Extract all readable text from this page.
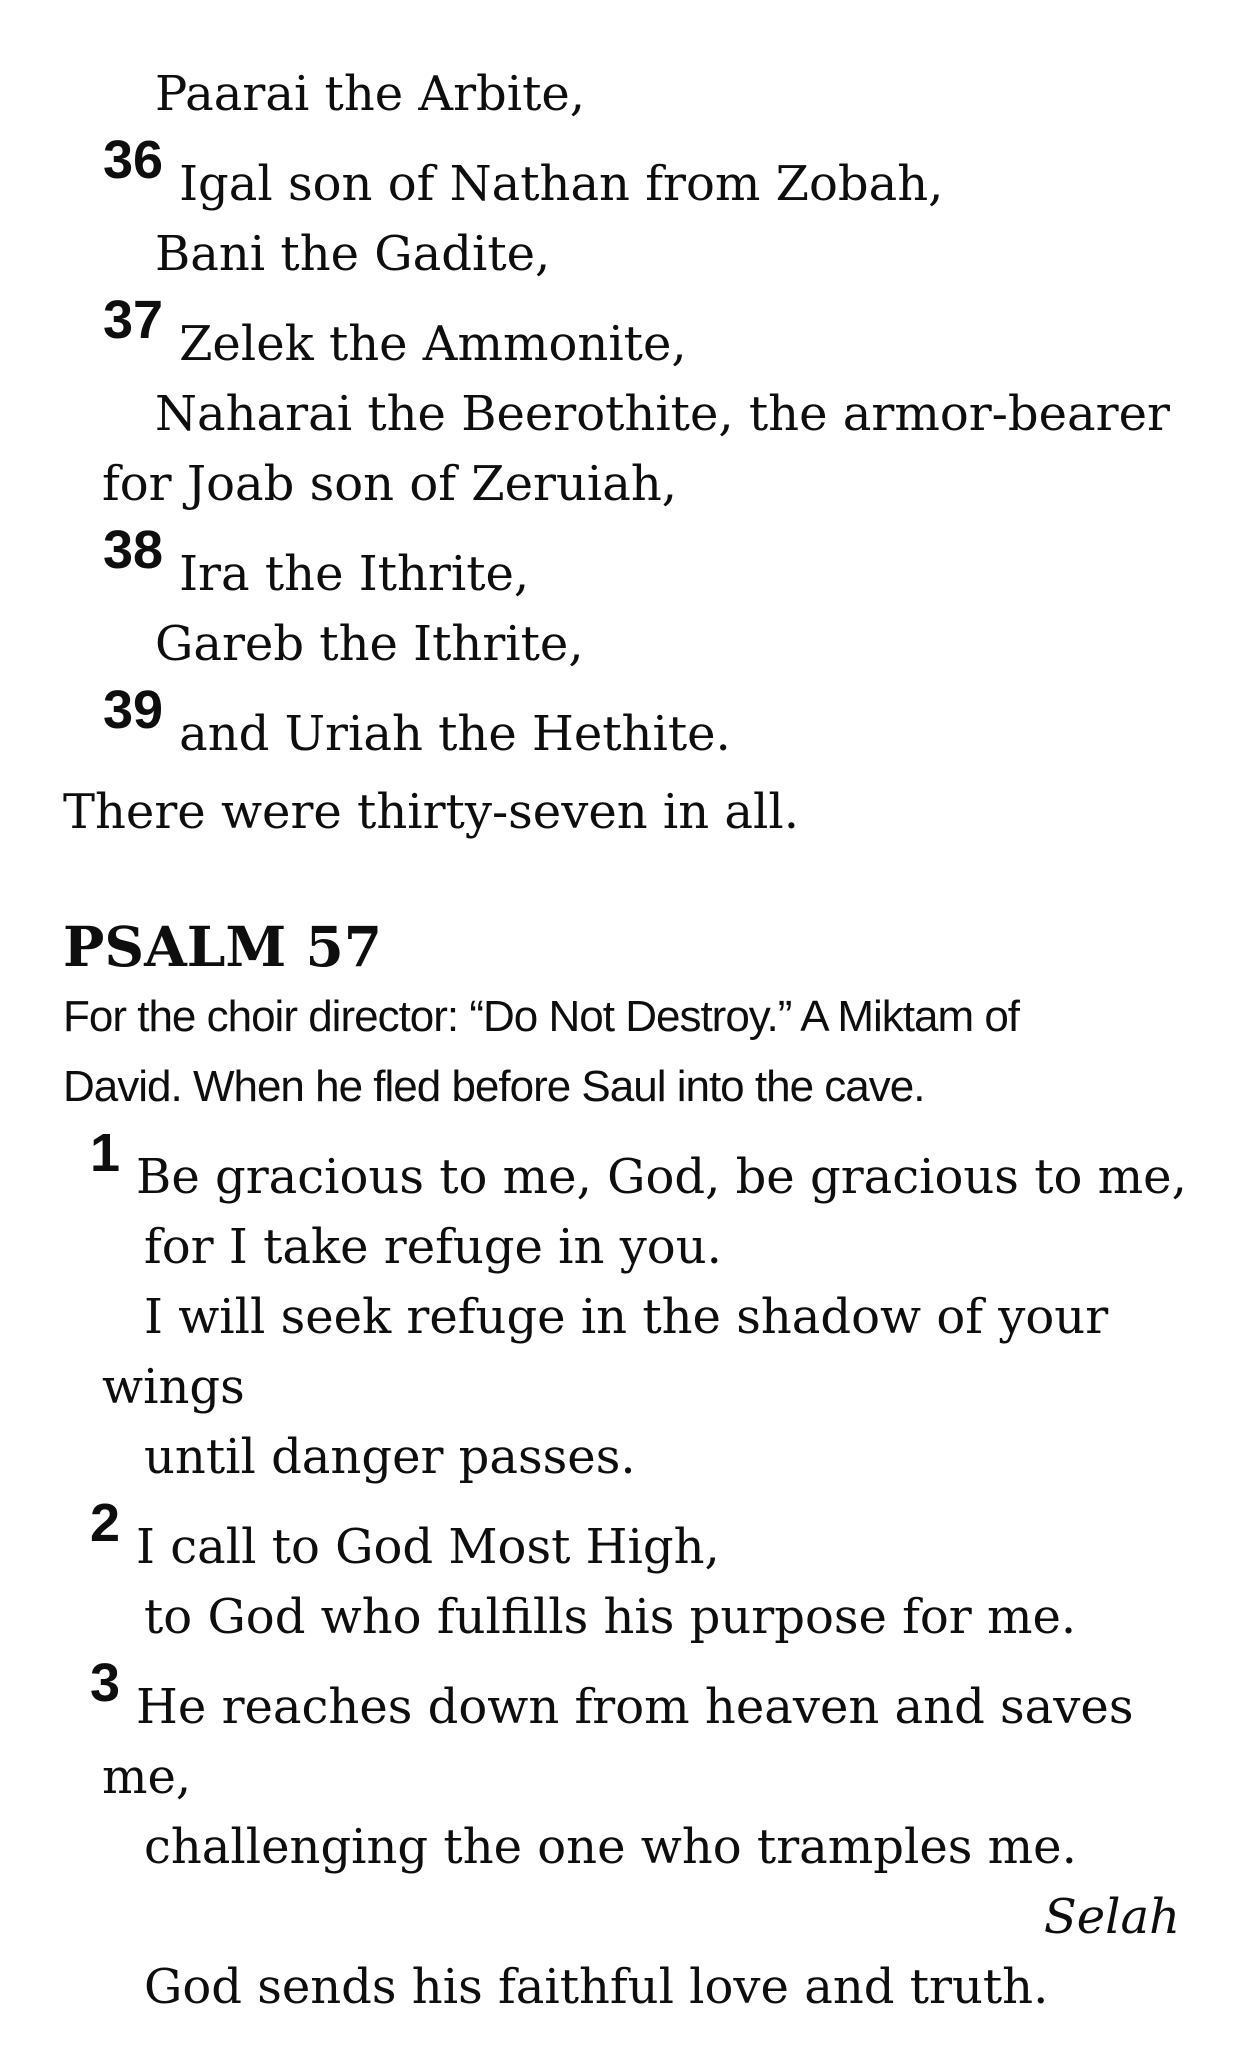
Paarai the Arbite,
$^{36}$ Igal son of Nathan from Zobah,
Bani the Gadite,
$^{37}$ Zelek the Ammonite,
Naharai the Beerothite, the armor-bearer
for Joab son of Zeruiah,
$^{38}$ Ira the Ithrite,
Gareb the Ithrite,
$^{39}$ and Uriah the Hethite.
There were thirty-seven in all.
PSALM 57
For the choir director: “Do Not Destroy.” A Miktam of
David. When he fled before Saul into the cave.
$^1$ Be gracious to me, God, be gracious to me,
for I take refuge in you.
I will seek refuge in the shadow of your
wings
until danger passes.
$^2$ I call to God Most High,
to God who fulfills his purpose for me.
$^3$ He reaches down from heaven and saves
me,
challenging the one who tramples me.
Selah
God sends his faithful love and truth.
